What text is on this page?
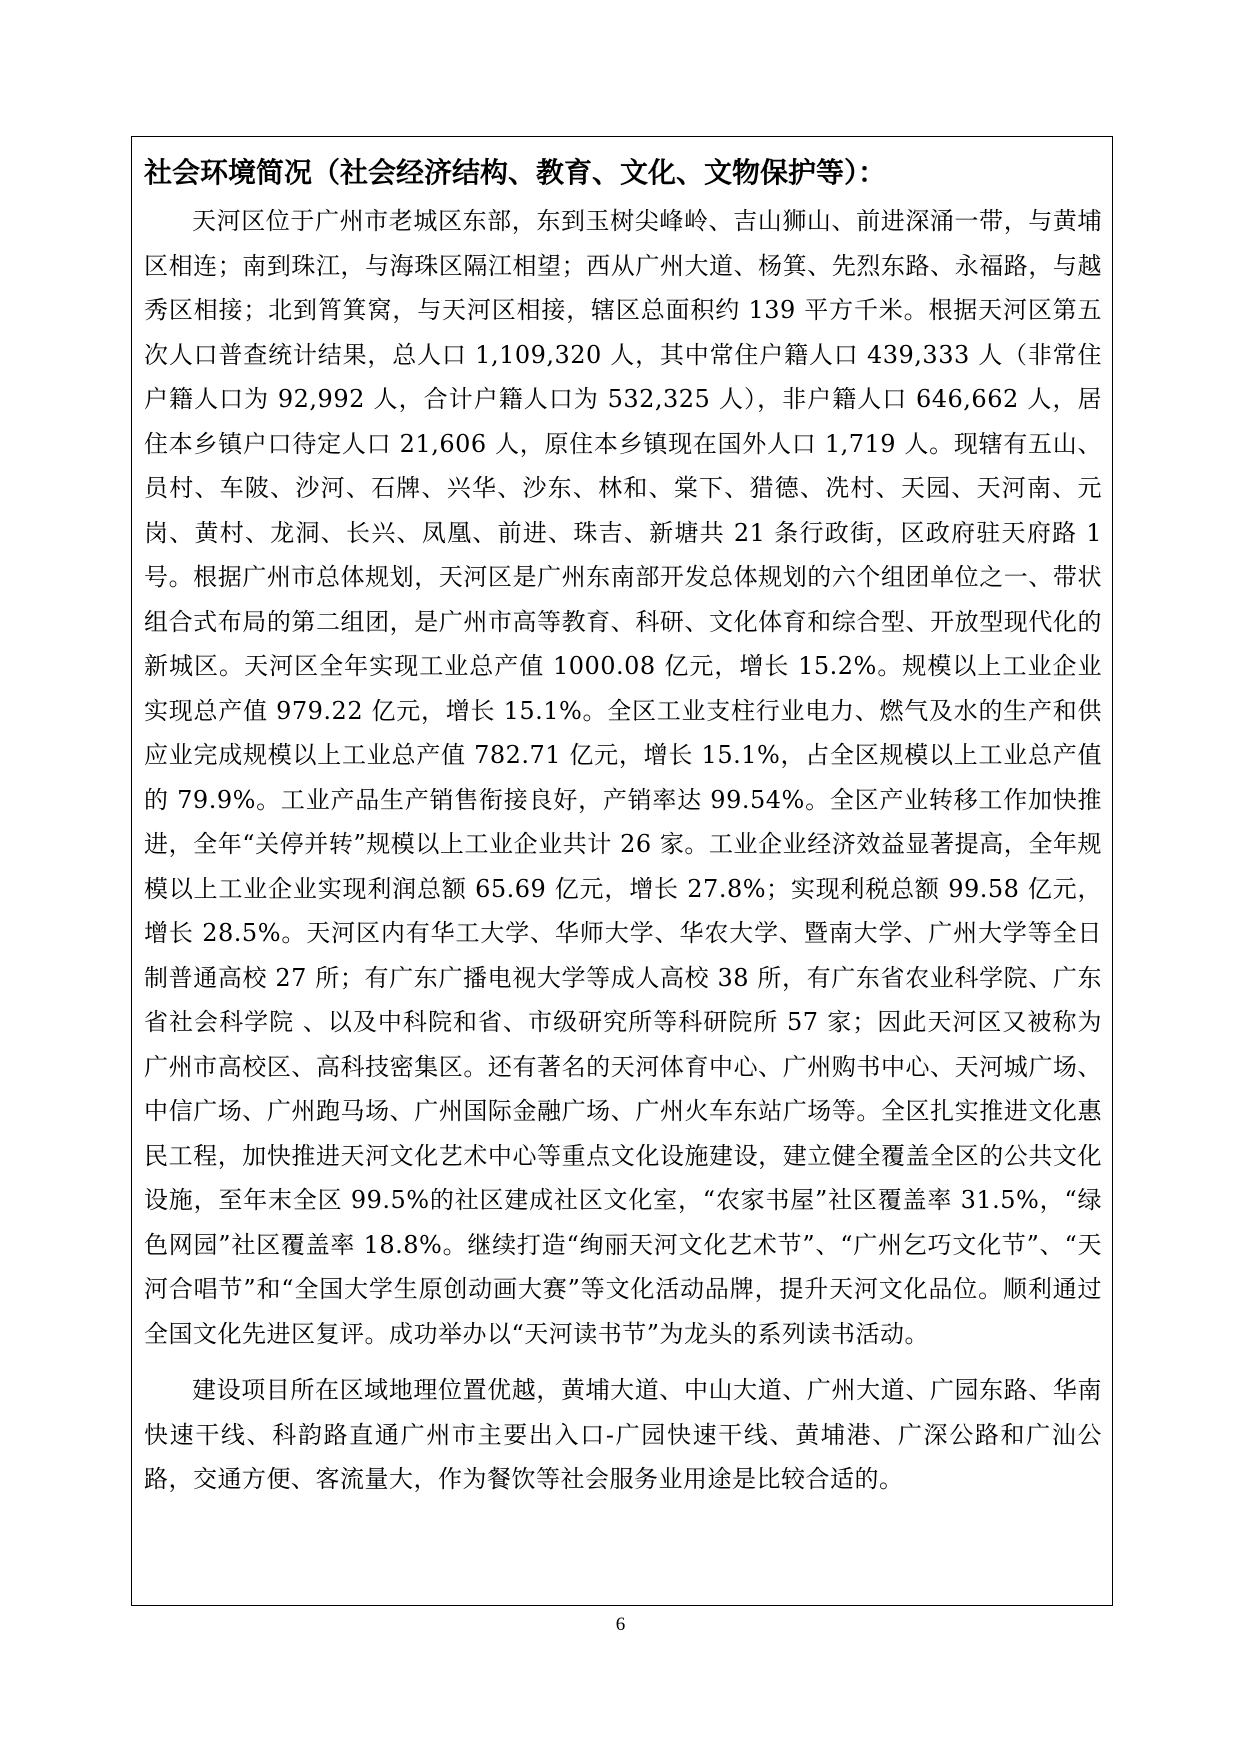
社会环境简况（社会经济结构、教育、文化、文物保护等）：

天河区位于广州市老城区东部，东到玉树尖峰岭、吉山狮山、前进深涌一带，与黄埔区相连；南到珠江，与海珠区隔江相望；西从广州大道、杨箕、先烈东路、永福路，与越秀区相接；北到筲箕窝，与天河区相接，辖区总面积约 139 平方千米。根据天河区第五次人口普查统计结果，总人口 1,109,320 人，其中常住户籍人口 439,333 人（非常住户籍人口为 92,992 人，合计户籍人口为 532,325 人），非户籍人口 646,662 人，居住本乡镇户口待定人口 21,606 人，原住本乡镇现在国外人口 1,719 人。现辖有五山、员村、车陂、沙河、石牌、兴华、沙东、林和、棠下、猎德、冼村、天园、天河南、元岗、黄村、龙洞、长兴、凤凰、前进、珠吉、新塘共 21 条行政街，区政府驻天府路 1 号。根据广州市总体规划，天河区是广州东南部开发总体规划的六个组团单位之一、带状组合式布局的第二组团，是广州市高等教育、科研、文化体育和综合型、开放型现代化的新城区。天河区全年实现工业总产值 1000.08 亿元，增长 15.2%。规模以上工业企业实现总产值 979.22 亿元，增长 15.1%。全区工业支柱行业电力、燃气及水的生产和供应业完成规模以上工业总产值 782.71 亿元，增长 15.1%，占全区规模以上工业总产值的 79.9%。工业产品生产销售衔接良好，产销率达 99.54%。全区产业转移工作加快推进，全年“关停并转”规模以上工业企业共计 26 家。工业企业经济效益显著提高，全年规模以上工业企业实现利润总额 65.69 亿元，增长 27.8%；实现利税总额 99.58 亿元，增长 28.5%。天河区内有华工大学、华师大学、华农大学、暨南大学、广州大学等全日制普通高校 27 所；有广东广播电视大学等成人高校 38 所，有广东省农业科学院、广东省社会科学院 、以及中科院和省、市级研究所等科研院所 57 家；因此天河区又被称为广州市高校区、高科技密集区。还有著名的天河体育中心、广州购书中心、天河城广场、中信广场、广州跑马场、广州国际金融广场、广州火车东站广场等。全区扎实推进文化惠民工程，加快推进天河文化艺术中心等重点文化设施建设，建立健全覆盖全区的公共文化设施，至年末全区 99.5%的社区建成社区文化室，“农家书屋”社区覆盖率 31.5%，“绿色网园”社区覆盖率 18.8%。继续打造“绚丽天河文化艺术节”、“广州乞巧文化节”、“天河合唱节”和“全国大学生原创动画大赛”等文化活动品牌，提升天河文化品位。顺利通过全国文化先进区复评。成功举办以“天河读书节”为龙头的系列读书活动。

建设项目所在区域地理位置优越，黄埔大道、中山大道、广州大道、广园东路、华南快速干线、科韵路直通广州市主要出入口-广园快速干线、黄埔港、广深公路和广汕公路，交通方便、客流量大，作为餐饮等社会服务业用途是比较合适的。

6
